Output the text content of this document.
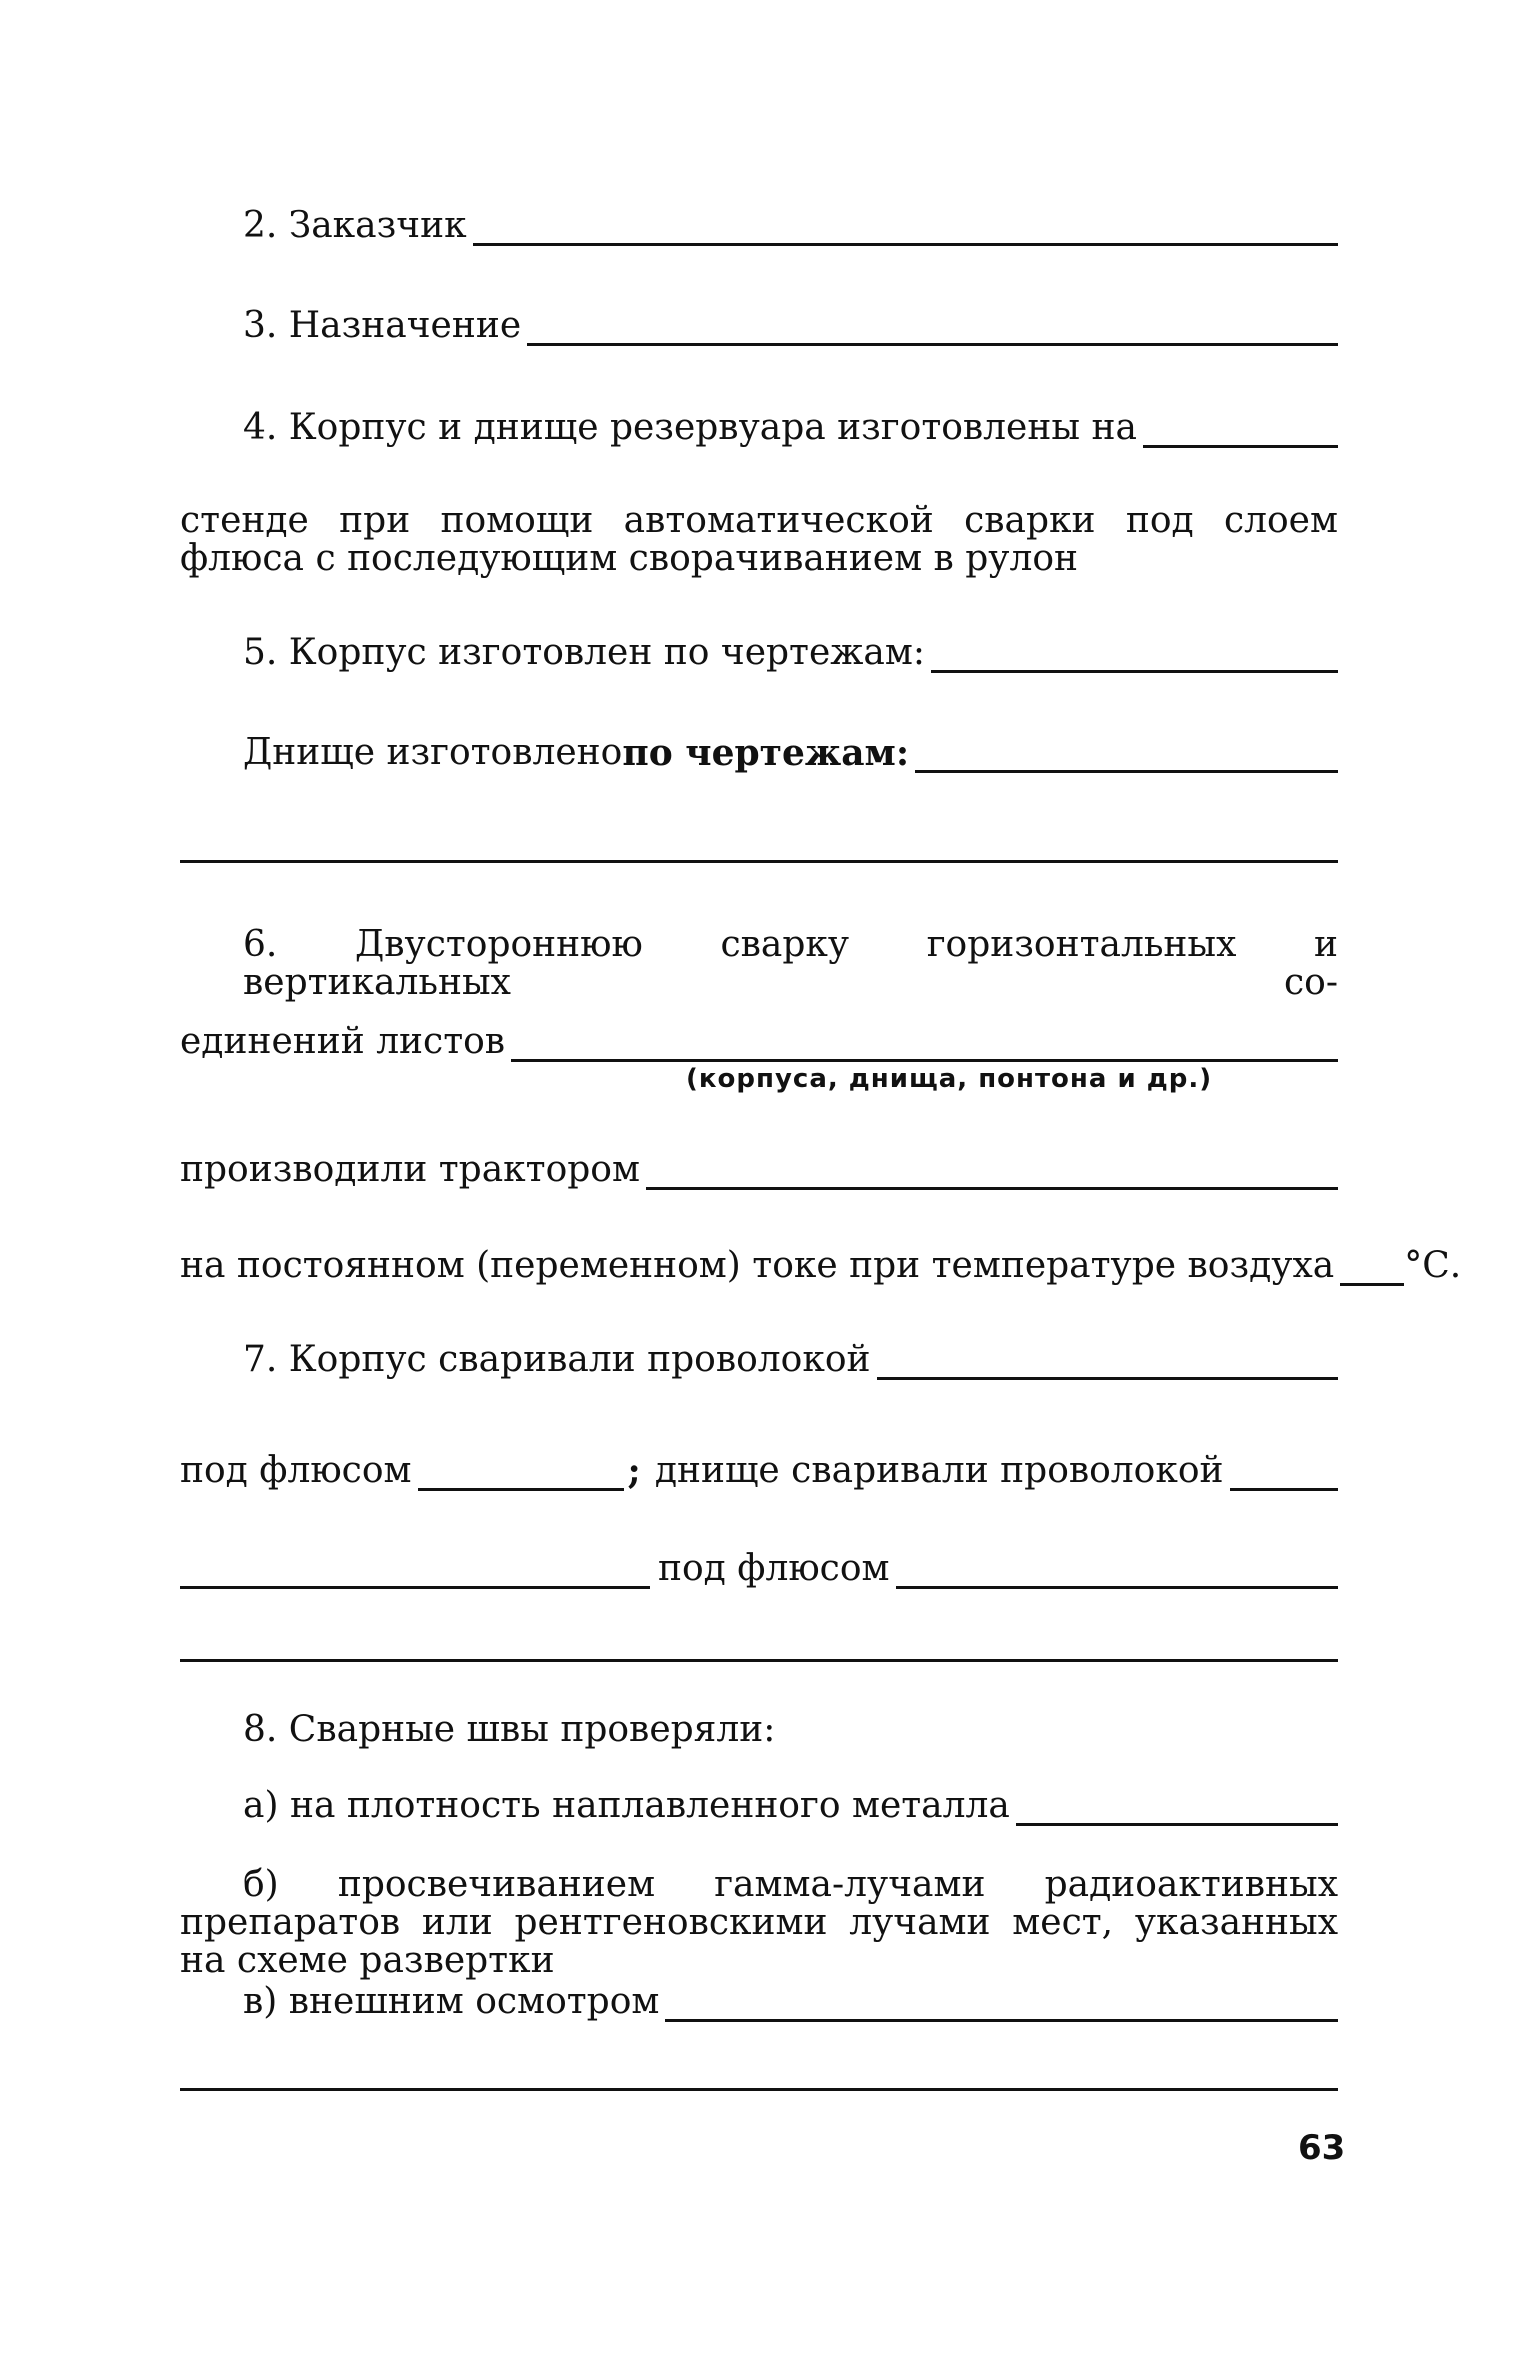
2. Заказчик
3. Назначение
4. Корпус и днище резервуара изготовлены на
стенде при помощи автоматической сварки под слоем флюса с последующим сворачиванием в рулон
5. Корпус изготовлен по чертежам:
Днище изготовлено по чертежам:
6. Двустороннюю сварку горизонтальных и вертикальных со-
единений листов
(корпуса, днища, понтона и др.)
производили трактором
на постоянном (переменном) токе при температуре воздуха °С.
7. Корпус сваривали проволокой
под флюсом	; днище сваривали проволокой
под флюсом
8. Сварные швы проверяли:
а) на плотность наплавленного металла
б) просвечиванием гамма-лучами радиоактивных препаратов или рентгеновскими лучами мест, указанных на схеме развертки
в) внешним осмотром
63
